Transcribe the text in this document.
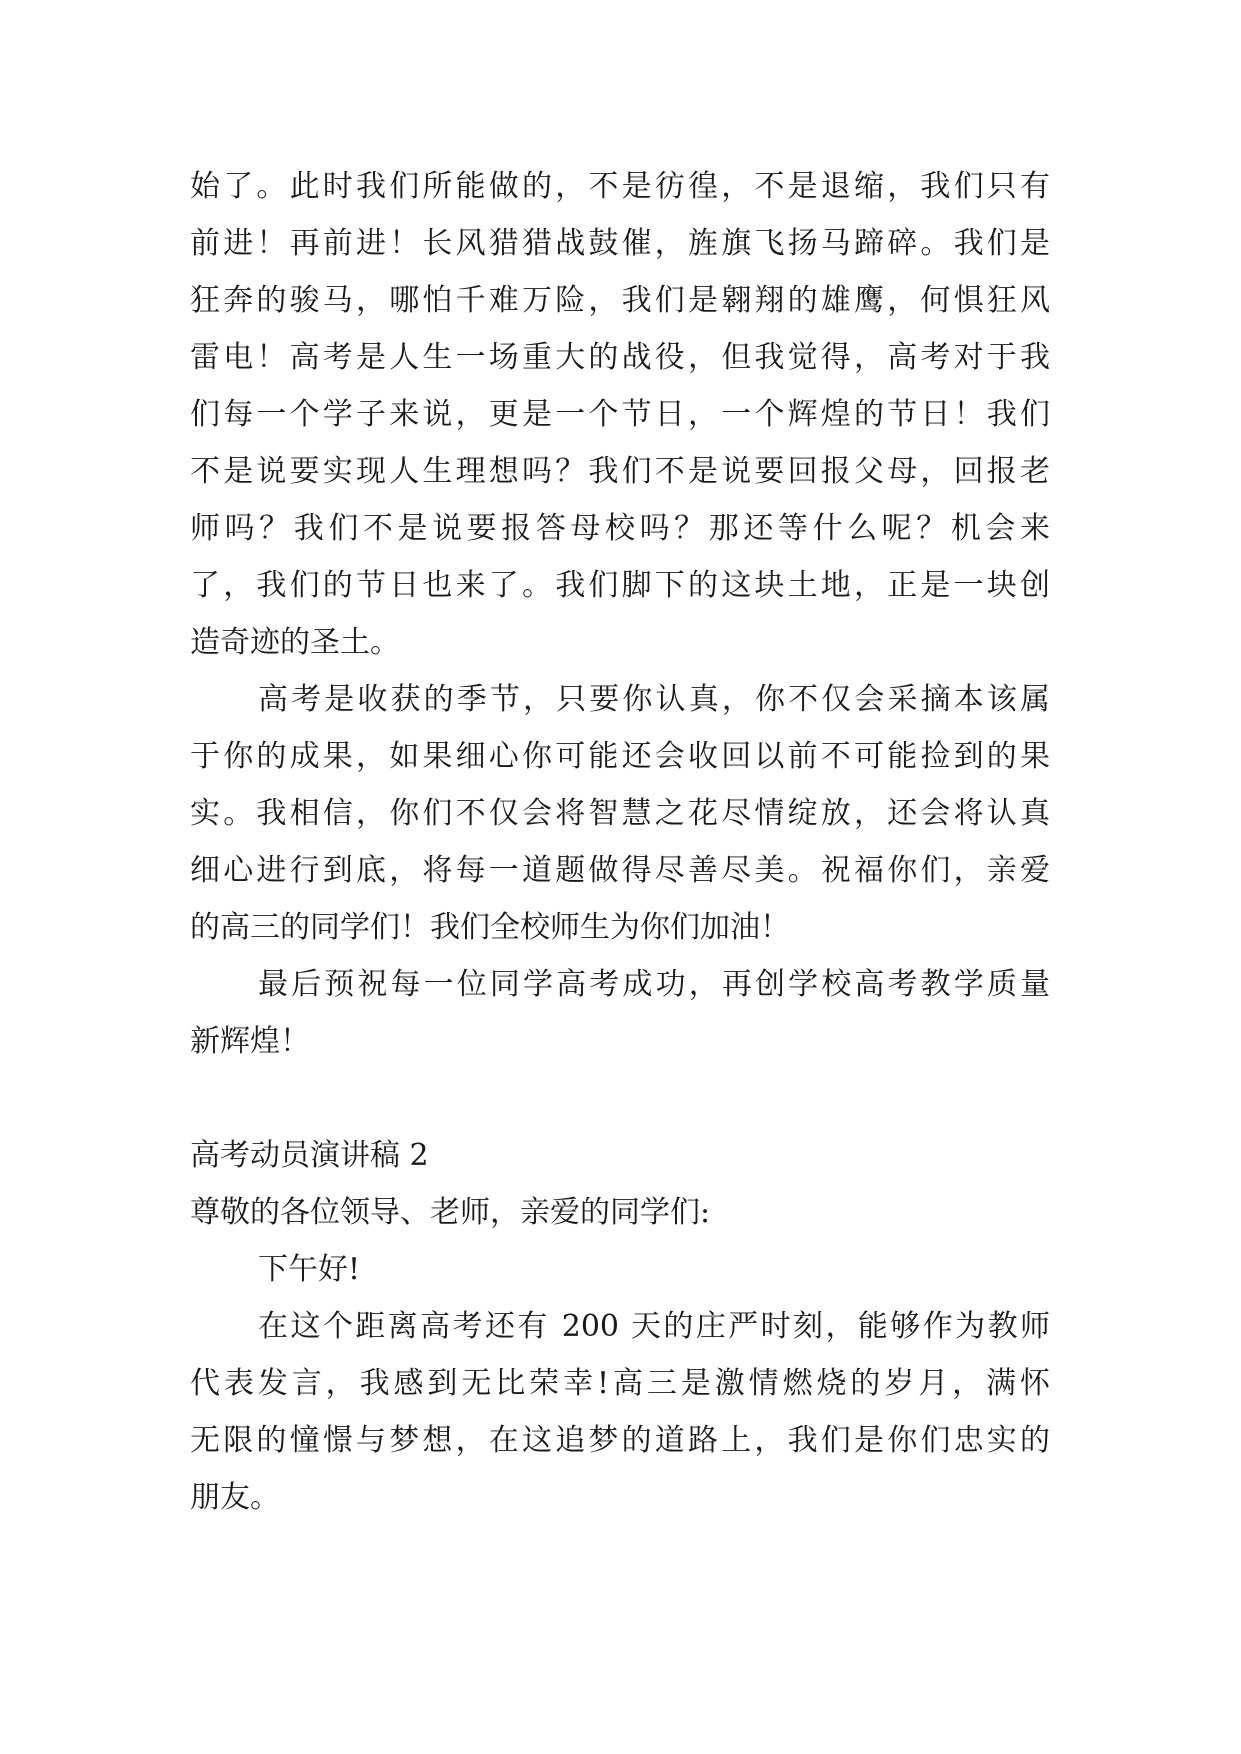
始了。此时我们所能做的，不是彷徨，不是退缩，我们只有
前进！再前进！长风猎猎战鼓催，旌旗飞扬马蹄碎。我们是
狂奔的骏马，哪怕千难万险，我们是翱翔的雄鹰，何惧狂风
雷电！高考是人生一场重大的战役，但我觉得，高考对于我
们每一个学子来说，更是一个节日，一个辉煌的节日！我们
不是说要实现人生理想吗？我们不是说要回报父母，回报老
师吗？我们不是说要报答母校吗？那还等什么呢？机会来
了，我们的节日也来了。我们脚下的这块土地，正是一块创
造奇迹的圣土。
高考是收获的季节，只要你认真，你不仅会采摘本该属
于你的成果，如果细心你可能还会收回以前不可能捡到的果
实。我相信，你们不仅会将智慧之花尽情绽放，还会将认真
细心进行到底，将每一道题做得尽善尽美。祝福你们，亲爱
的高三的同学们！我们全校师生为你们加油！
最后预祝每一位同学高考成功，再创学校高考教学质量
新辉煌！
高考动员演讲稿 2
尊敬的各位领导、老师，亲爱的同学们:
下午好!
在这个距离高考还有 200 天的庄严时刻，能够作为教师
代表发言，我感到无比荣幸!高三是激情燃烧的岁月，满怀
无限的憧憬与梦想，在这追梦的道路上，我们是你们忠实的
朋友。
